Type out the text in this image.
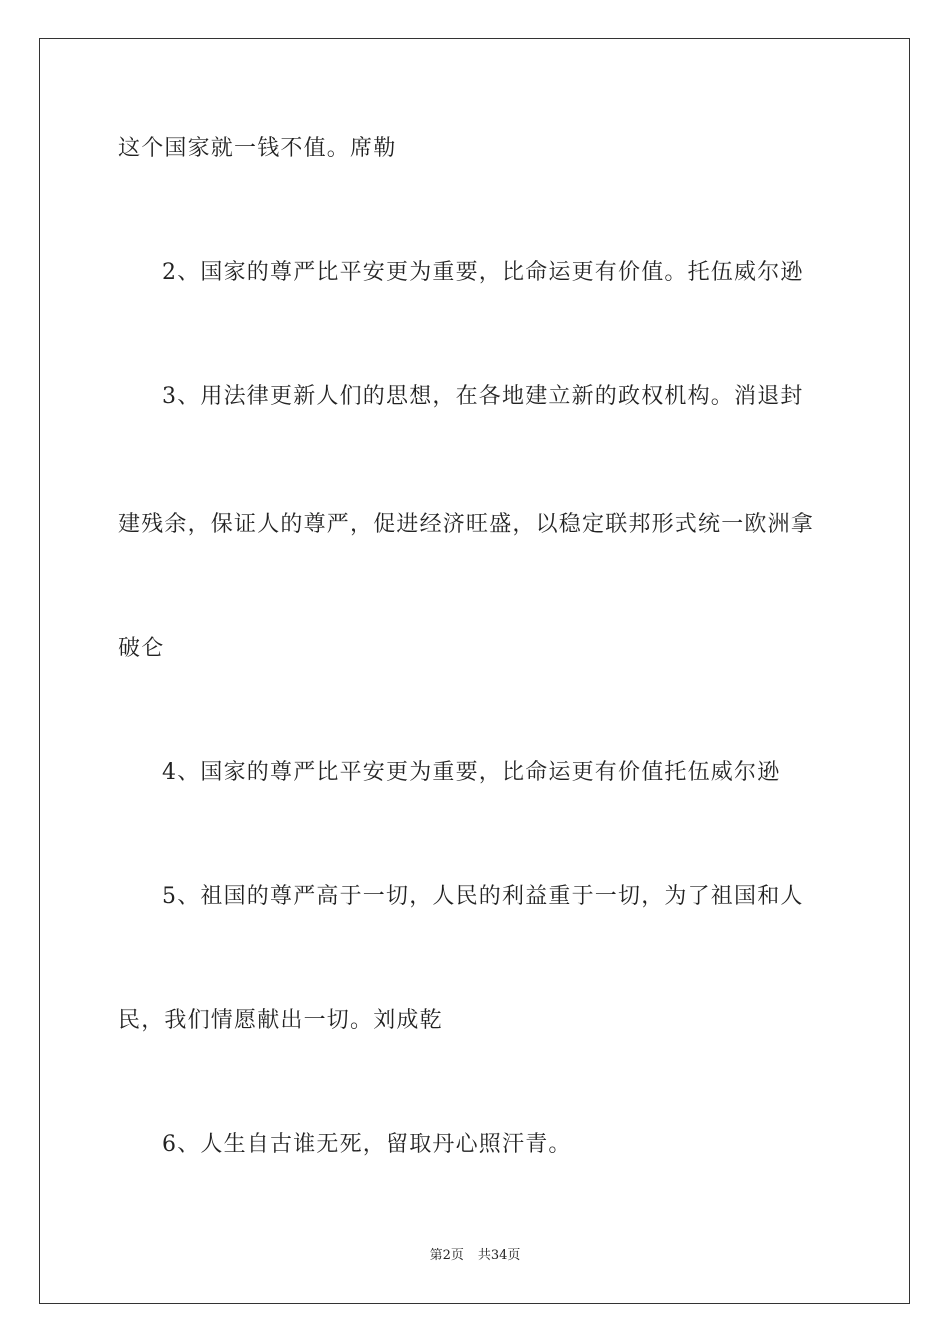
这个国家就一钱不值。席勒
2、国家的尊严比平安更为重要，比命运更有价值。托伍威尔逊
3、用法律更新人们的思想，在各地建立新的政权机构。消退封
建残余，保证人的尊严，促进经济旺盛，以稳定联邦形式统一欧洲拿
破仑
4、国家的尊严比平安更为重要，比命运更有价值托伍威尔逊
5、祖国的尊严高于一切，人民的利益重于一切，为了祖国和人
民，我们情愿献出一切。刘成乾
6、人生自古谁无死，留取丹心照汗青。
第2页 共34页
